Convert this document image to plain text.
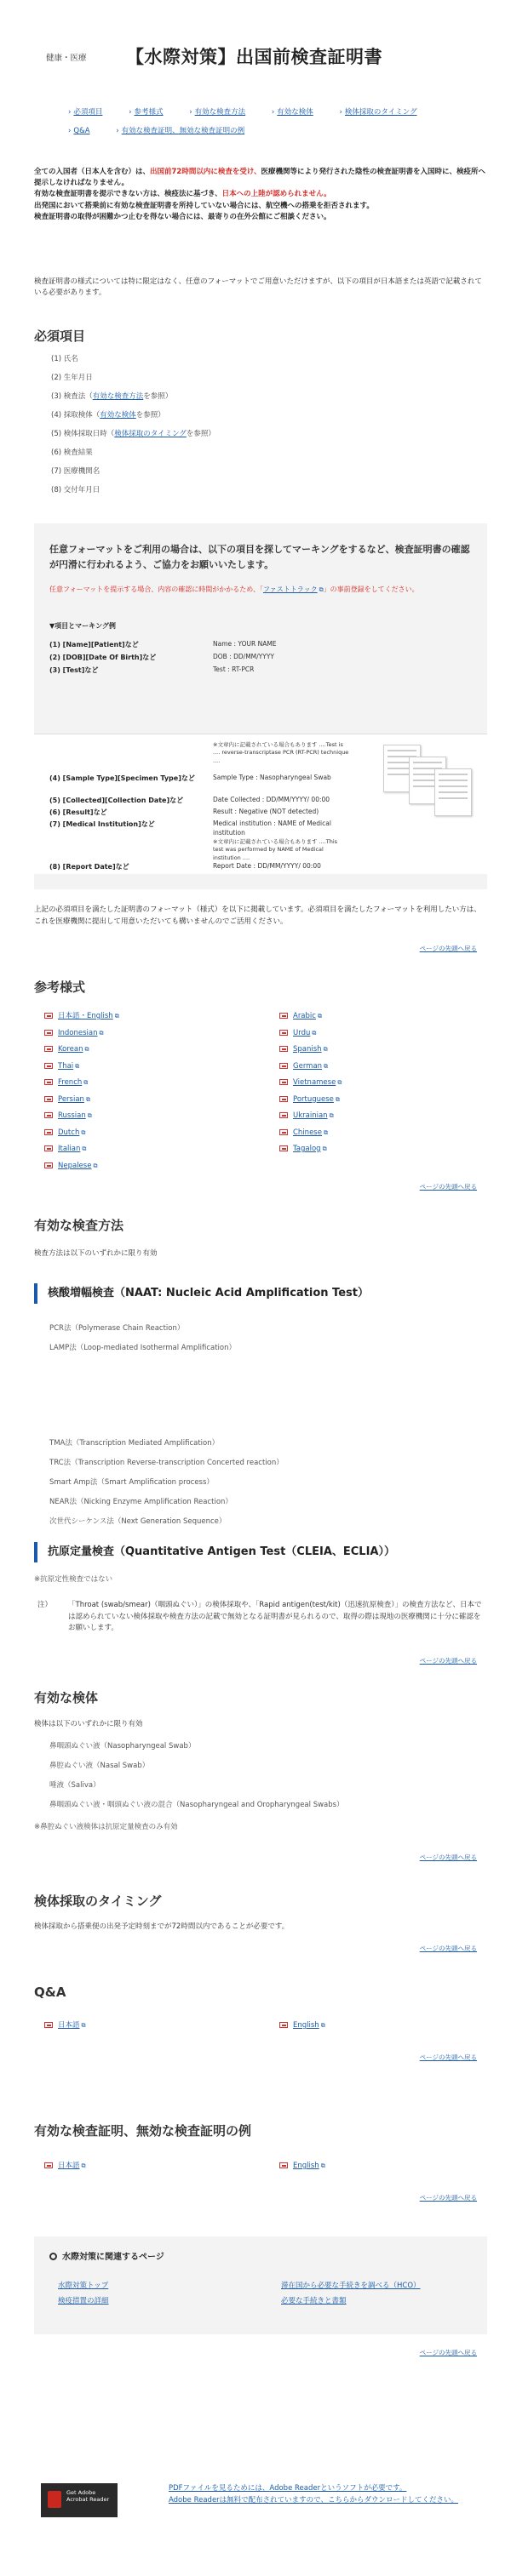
健康・医療 【水際対策】出国前検査証明書
› 必須項目	› 参考様式	› 有効な検査方法	› 有効な検体	› 検体採取のタイミング
› Q&A	› 有効な検査証明、無効な検査証明の例

全ての入国者（日本人を含む）は、出国前72時間以内に検査を受け、医療機関等により発行された陰性の検査証明書を入国時に、検疫所へ提示しなければなりません。

有効な検査証明書を提示できない方は、検疫法に基づき、日本への上陸が認められません。

出発国において搭乗前に有効な検査証明書を所持していない場合には、航空機への搭乗を拒否されます。

検査証明書の取得が困難かつ止むを得ない場合には、最寄りの在外公館にご相談ください。

検査証明書の様式については特に限定はなく、任意のフォーマットでご用意いただけますが、以下の項目が日本語または英語で記載されている必要があります。
必須項目
(1) 氏名
(2) 生年月日
(3) 検査法（有効な検査方法を参照）
(4) 採取検体（有効な検体を参照）
(5) 検体採取日時（検体採取のタイミングを参照）
(6) 検査結果
(7) 医療機関名
(8) 交付年月日
任意フォーマットをご利用の場合は、以下の項目を探してマーキングをするなど、検査証明書の確認が円滑に行われるよう、ご協力をお願いいたします。
任意フォーマットを提示する場合、内容の確認に時間がかかるため、「ファストトラック ⧉」の事前登録をしてください。
▼項目とマーキング例
(1) [Name][Patient]など	Name : YOUR NAME
(2) [DOB][Date Of Birth]など	DOB : DD/MM/YYYY
(3) [Test]など	Test : RT-PCR
※文章内に記載されている場合もあります ....Test is .... reverse-transcriptase PCR (RT-PCR) technique ....
(4) [Sample Type][Specimen Type]など	Sample Type : Nasopharyngeal Swab
(5) [Collected][Collection Date]など	Date Collected : DD/MM/YYYY/ 00:00
(6) [Result]など	Result : Negative (NOT detected)
(7) [Medical Institution]など	Medical institution : NAME of Medical institution
※文章内に記載されている場合もあります ....This test was performed by NAME of Medical institution ....
(8) [Report Date]など	Report Date : DD/MM/YYYY/ 00:00
上記の必須項目を満たした証明書のフォーマット（様式）を以下に掲載しています。必須項目を満たしたフォーマットを利用したい方は、これを医療機関に提出して用意いただいても構いませんのでご活用ください。
ページの先頭へ戻る
参考様式
日本語・English ⧉
Indonesian ⧉
Korean ⧉
Thai ⧉
French ⧉
Persian ⧉
Russian ⧉
Dutch ⧉
Italian ⧉
Nepalese ⧉
Arabic ⧉
Urdu ⧉
Spanish ⧉
German ⧉
Vietnamese ⧉
Portuguese ⧉
Ukrainian ⧉
Chinese ⧉
Tagalog ⧉
ページの先頭へ戻る
有効な検査方法
検査方法は以下のいずれかに限り有効
核酸増幅検査（NAAT: Nucleic Acid Amplification Test）
PCR法（Polymerase Chain Reaction）
LAMP法（Loop-mediated Isothermal Amplification）
TMA法（Transcription Mediated Amplification）
TRC法（Transcription Reverse-transcription Concerted reaction）
Smart Amp法（Smart Amplification process）
NEAR法（Nicking Enzyme Amplification Reaction）
次世代シーケンス法（Next Generation Sequence）
抗原定量検査（Quantitative Antigen Test（CLEIA、ECLIA））
※抗原定性検査ではない
注） 「Throat (swab/smear)（咽頭ぬぐい）」の検体採取や、「Rapid antigen(test/kit)（迅速抗原検査）」の検査方法など、日本では認められていない検体採取や検査方法の記載で無効となる証明書が見られるので、取得の際は現地の医療機関に十分に確認をお願いします。
ページの先頭へ戻る
有効な検体
検体は以下のいずれかに限り有効
鼻咽頭ぬぐい液（Nasopharyngeal Swab）
鼻腔ぬぐい液（Nasal Swab）
唾液（Saliva）
鼻咽頭ぬぐい液・咽頭ぬぐい液の混合（Nasopharyngeal and Oropharyngeal Swabs）
※鼻腔ぬぐい液検体は抗原定量検査のみ有効
ページの先頭へ戻る
検体採取のタイミング
検体採取から搭乗便の出発予定時刻までが72時間以内であることが必要です。
ページの先頭へ戻る
Q&A
日本語 ⧉	English ⧉
ページの先頭へ戻る
有効な検査証明、無効な検査証明の例
日本語 ⧉	English ⧉
ページの先頭へ戻る
水際対策に関連するページ
水際対策トップ
検疫措置の詳細
滞在国から必要な手続きを調べる（HCO）
必要な手続きと書類
ページの先頭へ戻る
Get Adobe Acrobat Reader
PDFファイルを見るためには、Adobe Readerというソフトが必要です。
Adobe Readerは無料で配布されていますので、こちらからダウンロードしてください。
